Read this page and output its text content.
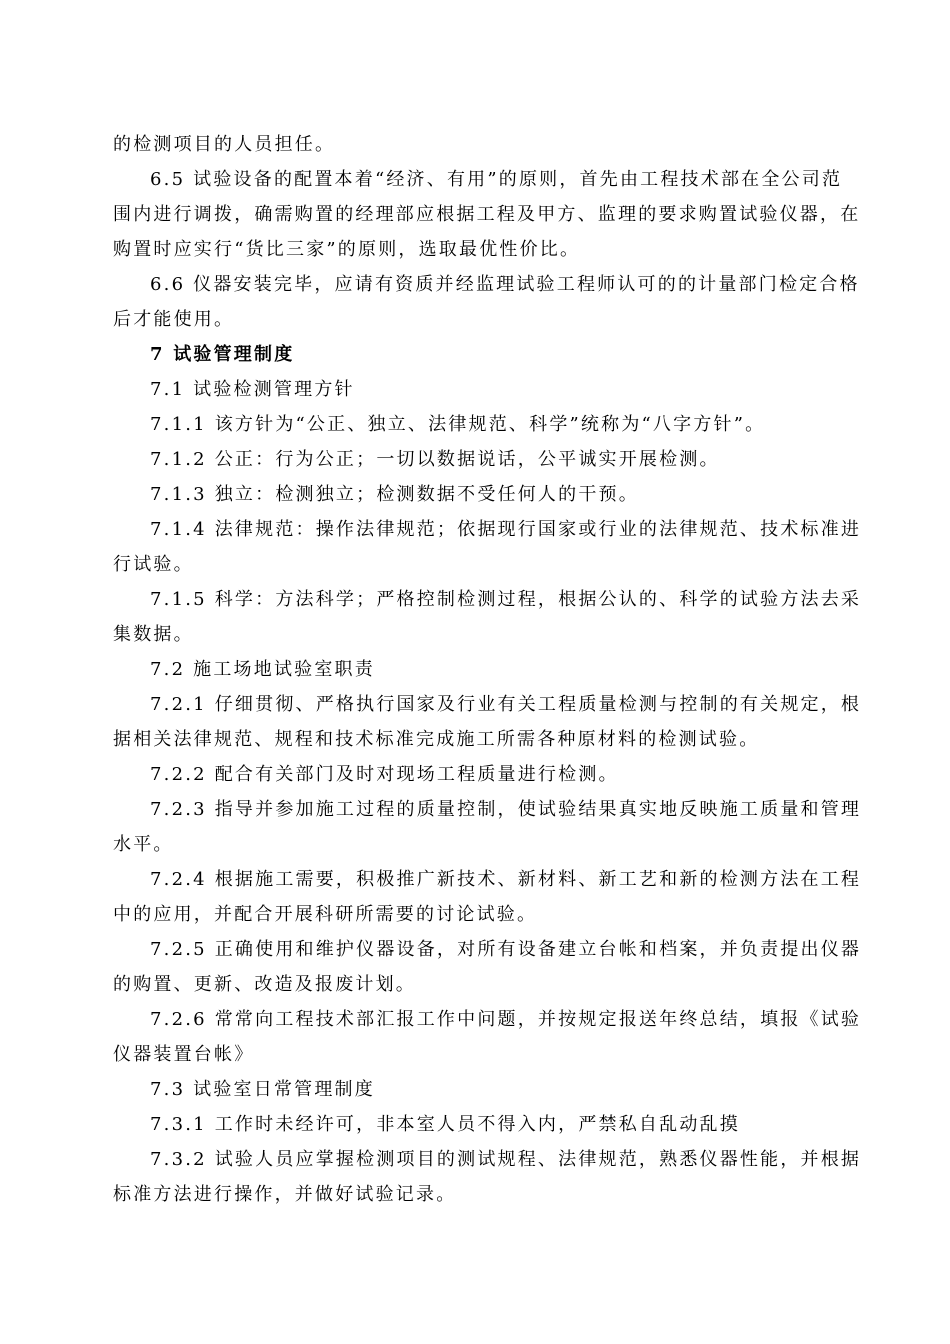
的检测项目的人员担任。
6.5 试验设备的配置本着“经济、有用”的原则，首先由工程技术部在全公司范
围内进行调拨，确需购置的经理部应根据工程及甲方、监理的要求购置试验仪器，在
购置时应实行“货比三家”的原则，选取最优性价比。
6.6 仪器安装完毕，应请有资质并经监理试验工程师认可的的计量部门检定合格
后才能使用。
7 试验管理制度
7.1 试验检测管理方针
7.1.1 该方针为“公正、独立、法律规范、科学”统称为“八字方针”。
7.1.2 公正：行为公正；一切以数据说话，公平诚实开展检测。
7.1.3 独立：检测独立；检测数据不受任何人的干预。
7.1.4 法律规范：操作法律规范；依据现行国家或行业的法律规范、技术标准进
行试验。
7.1.5 科学：方法科学；严格控制检测过程，根据公认的、科学的试验方法去采
集数据。
7.2 施工场地试验室职责
7.2.1 仔细贯彻、严格执行国家及行业有关工程质量检测与控制的有关规定，根
据相关法律规范、规程和技术标准完成施工所需各种原材料的检测试验。
7.2.2 配合有关部门及时对现场工程质量进行检测。
7.2.3 指导并参加施工过程的质量控制，使试验结果真实地反映施工质量和管理
水平。
7.2.4 根据施工需要，积极推广新技术、新材料、新工艺和新的检测方法在工程
中的应用，并配合开展科研所需要的讨论试验。
7.2.5 正确使用和维护仪器设备，对所有设备建立台帐和档案，并负责提出仪器
的购置、更新、改造及报废计划。
7.2.6 常常向工程技术部汇报工作中问题，并按规定报送年终总结，填报《试验
仪器装置台帐》
7.3 试验室日常管理制度
7.3.1 工作时未经许可，非本室人员不得入内，严禁私自乱动乱摸
7.3.2 试验人员应掌握检测项目的测试规程、法律规范，熟悉仪器性能，并根据
标准方法进行操作，并做好试验记录。
